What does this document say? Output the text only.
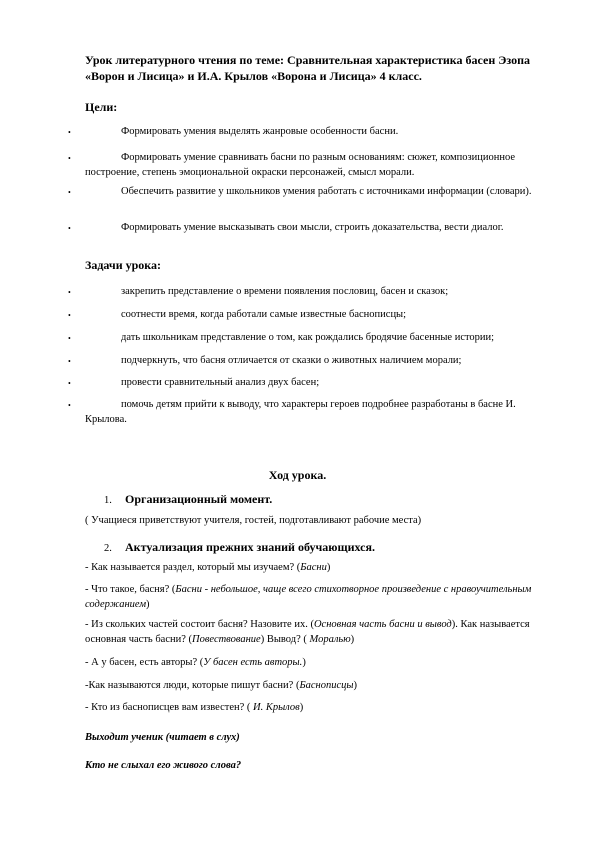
Урок литературного чтения по теме: Сравнительная характеристика басен Эзопа «Ворон и Лисица» и И.А. Крылов «Ворона и Лисица» 4 класс.
Цели:
•	Формировать умения выделять жанровые особенности басни.
•	Формировать умение сравнивать басни по разным основаниям: сюжет, композиционное построение, степень эмоциональной окраски персонажей, смысл морали.
•	Обеспечить развитие у школьников умения работать с источниками информации (словари).
•	Формировать умение высказывать свои мысли, строить доказательства, вести диалог.
Задачи урока:
•	закрепить представление о времени появления пословиц, басен и сказок;
•	соотнести время, когда работали самые известные баснописцы;
•	дать школьникам представление о том, как рождались бродячие басенные истории;
•	подчеркнуть, что басня отличается от сказки о животных наличием морали;
•	провести сравнительный анализ двух басен;
•	помочь детям прийти к выводу, что характеры героев подробнее разработаны в басне И. Крылова.
Ход урока.
1. Организационный момент.
( Учащиеся приветствуют учителя, гостей, подготавливают рабочие места)
2. Актуализация прежних знаний обучающихся.
- Как называется раздел, который мы изучаем? (Басни)
- Что такое, басня? (Басни - небольшое, чаще всего стихотворное произведение с нравоучительным содержанием)
- Из скольких частей состоит басня? Назовите их. (Основная часть басни и вывод). Как называется основная часть басни? (Повествование) Вывод? ( Моралью)
- А у басен, есть авторы? (У басен есть авторы.)
-Как называются люди, которые пишут басни? (Баснописцы)
- Кто из баснописцев вам известен? ( И. Крылов)
Выходит ученик (читает в слух)
Кто не слыхал его живого слова?
